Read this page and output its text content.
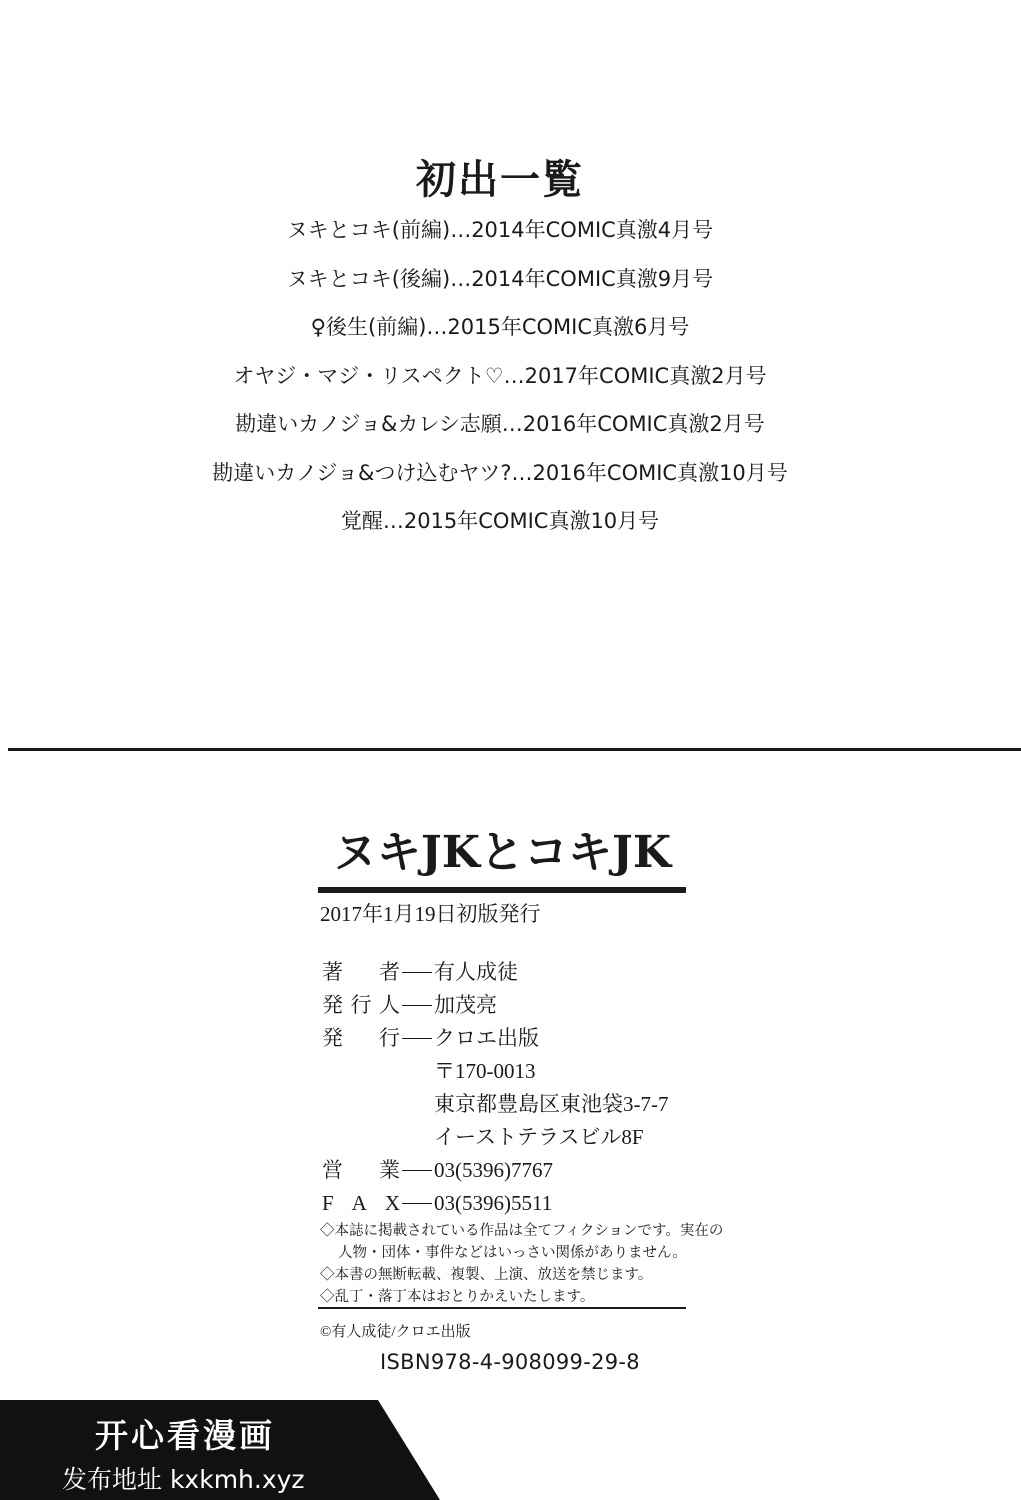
初出一覧
ヌキとコキ(前編)…2014年COMIC真激4月号
ヌキとコキ(後編)…2014年COMIC真激9月号
♀後生(前編)…2015年COMIC真激6月号
オヤジ・マジ・リスペクト♡…2017年COMIC真激2月号
勘違いカノジョ&カレシ志願…2016年COMIC真激2月号
勘違いカノジョ&つけ込むヤツ?…2016年COMIC真激10月号
覚醒…2015年COMIC真激10月号
ヌキJKとコキJK
2017年1月19日初版発行
著　者 有人成徒
発行人 加茂亮
発　行 クロエ出版
〒170-0013
東京都豊島区東池袋3-7-7
イーストテラスビル8F
営　業 03(5396)7767
F A X 03(5396)5511
◇本誌に掲載されている作品は全てフィクションです。実在の
人物・団体・事件などはいっさい関係がありません。
◇本書の無断転載、複製、上演、放送を禁じます。
◇乱丁・落丁本はおとりかえいたします。
©有人成徒/クロエ出版
ISBN978-4-908099-29-8
开心看漫画
发布地址 kxkmh.xyz
